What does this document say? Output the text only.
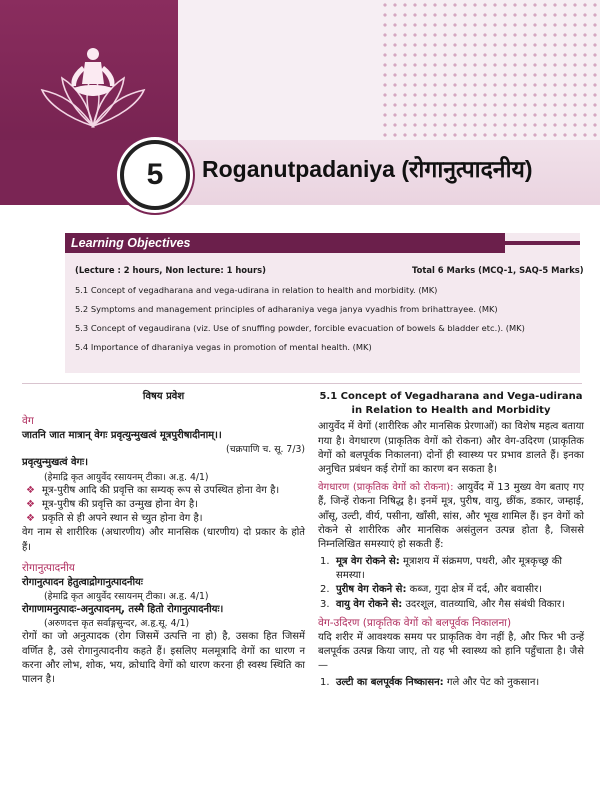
5	Roganutpadaniya (रोगानुत्पादनीय)
Learning Objectives
(Lecture : 2 hours, Non lecture: 1 hours)	Total 6 Marks (MCQ-1, SAQ-5 Marks)
5.1 Concept of vegadharana and vega-udirana in relation to health and morbidity. (MK)
5.2 Symptoms and management principles of adharaniya vega janya vyadhis from brihattrayee. (MK)
5.3 Concept of vegaudirana (viz. Use of snuffing powder, forcible evacuation of bowels & bladder etc.). (MK)
5.4 Importance of dharaniya vegas in promotion of mental health. (MK)

विषय प्रवेश

वेग

जातनि जात मात्रान् वेगः प्रवृत्युन्मुखत्वं मूत्रपुरीषादीनाम्।।

(चक्रपाणि च. सू. 7/3)

प्रवृत्युन्मुखत्वं वेगः।

(हेमाद्रि कृत आयुर्वेद रसायनम् टीका। अ.हृ. 4/1)

❖ मूत्र-पुरीष आदि की प्रवृत्ति का सम्यक् रूप से उपस्थित होना वेग है।

❖ मूत्र-पुरीष की प्रवृत्ति का उन्मुख होना वेग है।

❖ प्रकृति से ही अपने स्थान से च्युत होना वेग है।

वेग नाम से शारीरिक (अधारणीय) और मानसिक (धारणीय) दो प्रकार के होते हैं।

रोगानुत्पादनीय

रोगानुत्पादन हेतुत्वाद्रोगानुत्पादनीयः

(हेमाद्रि कृत आयुर्वेद रसायनम् टीका। अ.हृ. 4/1)

रोगाणामनुत्पादः-अनुत्पादनम्, तस्मै हितो रोगानुत्पादनीयः।

(अरुणदत्त कृत सर्वाङ्गसुन्दर, अ.हृ.सू. 4/1)

रोगों का जो अनुत्पादक (रोग जिसमें उत्पत्ति ना हो) है, उसका हित जिसमें वर्णित है, उसे रोगानुत्पादनीय कहते हैं। इसलिए मलमूत्रादि वेगों का धारण न करना और लोभ, शोक, भय, क्रोधादि वेगों को धारण करना ही स्वस्थ स्थिति का पालन है।

5.1 Concept of Vegadharana and Vega-udirana in Relation to Health and Morbidity

आयुर्वेद में वेगों (शारीरिक और मानसिक प्रेरणाओं) का विशेष महत्व बताया गया है। वेगधारण (प्राकृतिक वेगों को रोकना) और वेग-उदिरण (प्राकृतिक वेगों को बलपूर्वक निकालना) दोनों ही स्वास्थ्य पर प्रभाव डालते हैं। इनका अनुचित प्रबंधन कई रोगों का कारण बन सकता है।

वेगधारण (प्राकृतिक वेगों को रोकना): आयुर्वेद में 13 मुख्य वेग बताए गए हैं, जिन्हें रोकना निषिद्ध है। इनमें मूत्र, पुरीष, वायु, छींक, डकार, जम्हाई, आँसू, उल्टी, वीर्य, पसीना, खाँसी, सांस, और भूख शामिल हैं। इन वेगों को रोकने से शारीरिक और मानसिक असंतुलन उत्पन्न होता है, जिससे निम्नलिखित समस्याएं हो सकती हैं:

1. मूत्र वेग रोकने से: मूत्राशय में संक्रमण, पथरी, और मूत्रकृच्छ्र की समस्या।

2. पुरीष वेग रोकने से: कब्ज, गुदा क्षेत्र में दर्द, और बवासीर।

3. वायु वेग रोकने से: उदरशूल, वातव्याधि, और गैस संबंधी विकार।

वेग-उदिरण (प्राकृतिक वेगों को बलपूर्वक निकालना)

यदि शरीर में आवश्यक समय पर प्राकृतिक वेग नहीं है, और फिर भी उन्हें बलपूर्वक उत्पन्न किया जाए, तो यह भी स्वास्थ्य को हानि पहुँचाता है। जैसे—

1. उल्टी का बलपूर्वक निष्कासन: गले और पेट को नुकसान।
